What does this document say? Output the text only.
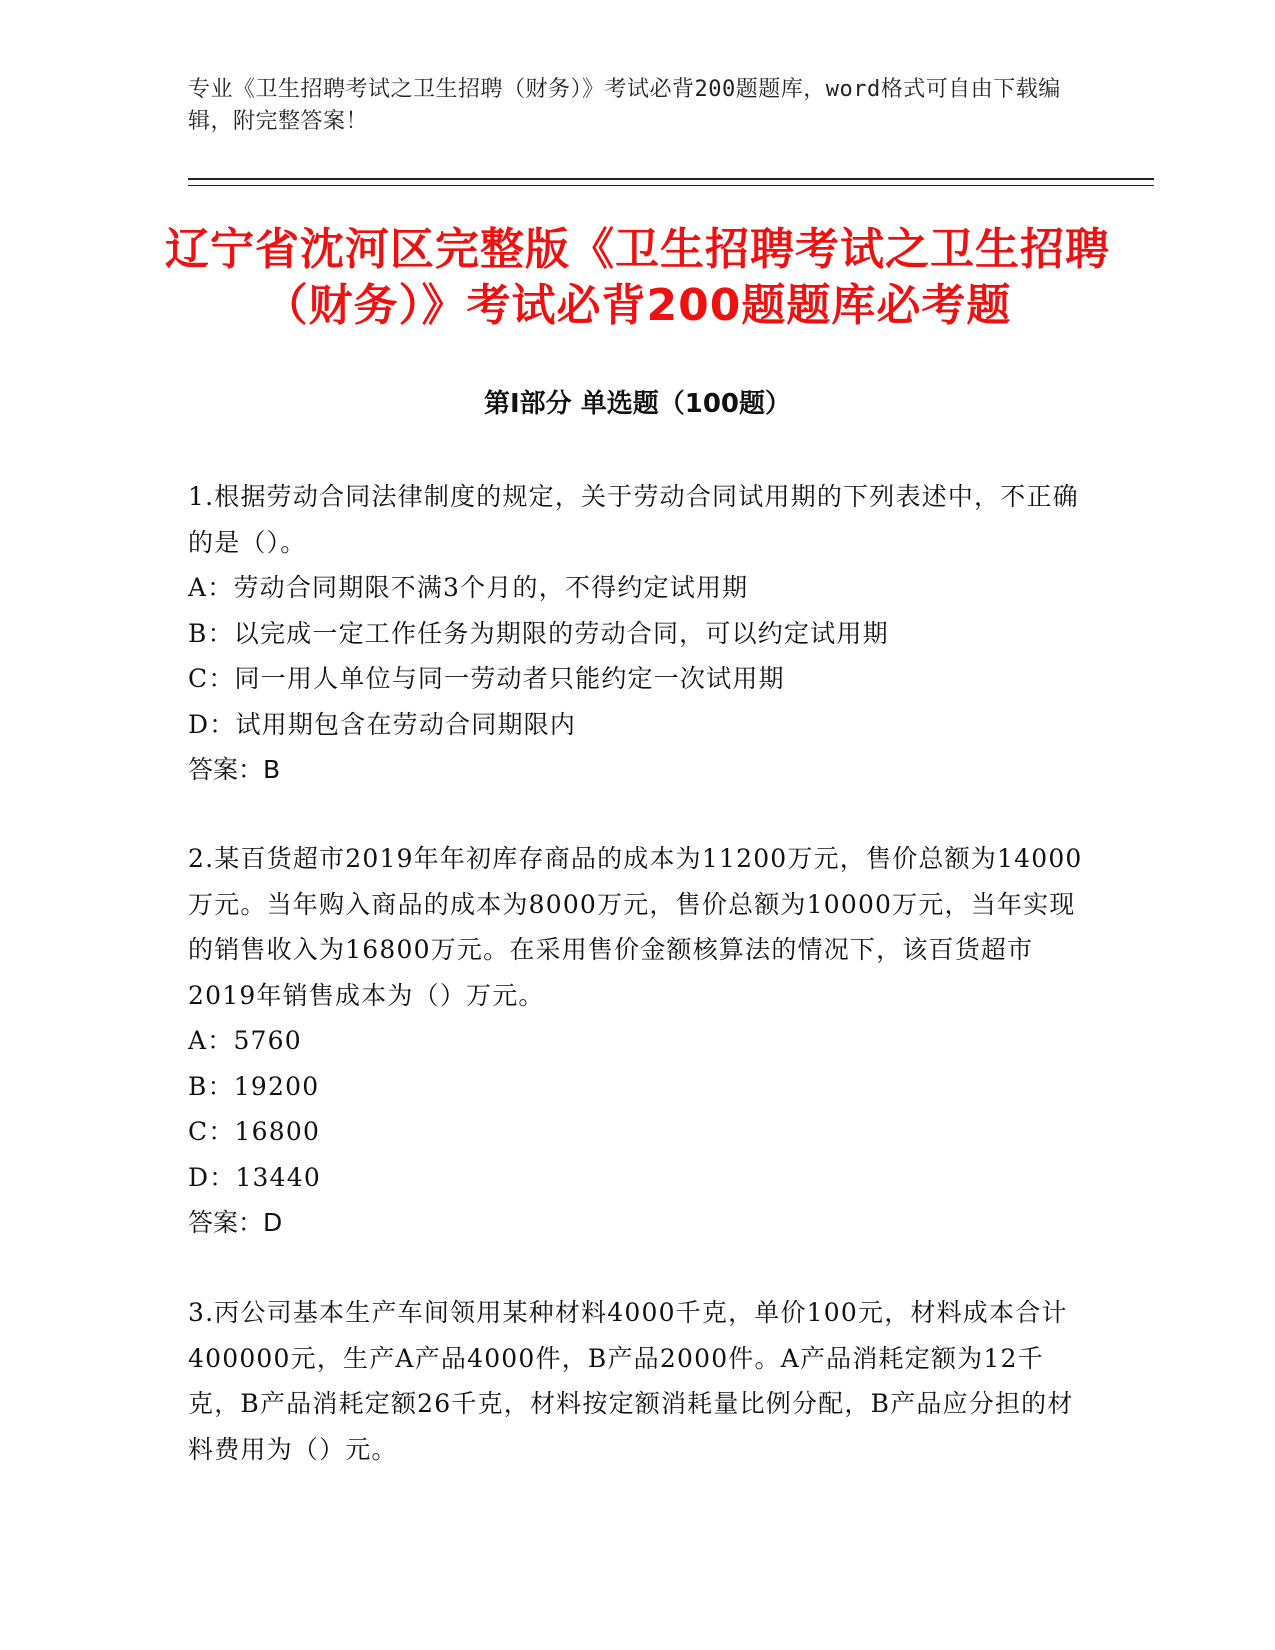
专业《卫生招聘考试之卫生招聘（财务）》考试必背200题题库，word格式可自由下载编辑，附完整答案！
辽宁省沈河区完整版《卫生招聘考试之卫生招聘（财务）》考试必背200题题库必考题
第Ⅰ部分 单选题（100题）

1.根据劳动合同法律制度的规定，关于劳动合同试用期的下列表述中，不正确的是（）。

A：劳动合同期限不满3个月的，不得约定试用期

B：以完成一定工作任务为期限的劳动合同，可以约定试用期

C：同一用人单位与同一劳动者只能约定一次试用期

D：试用期包含在劳动合同期限内

答案：B

2.某百货超市2019年年初库存商品的成本为11200万元，售价总额为14000万元。当年购入商品的成本为8000万元，售价总额为10000万元，当年实现的销售收入为16800万元。在采用售价金额核算法的情况下，该百货超市2019年销售成本为（）万元。

A：5760

B：19200

C：16800

D：13440

答案：D

3.丙公司基本生产车间领用某种材料4000千克，单价100元，材料成本合计400000元，生产A产品4000件，B产品2000件。A产品消耗定额为12千克，B产品消耗定额26千克，材料按定额消耗量比例分配，B产品应分担的材料费用为（）元。
